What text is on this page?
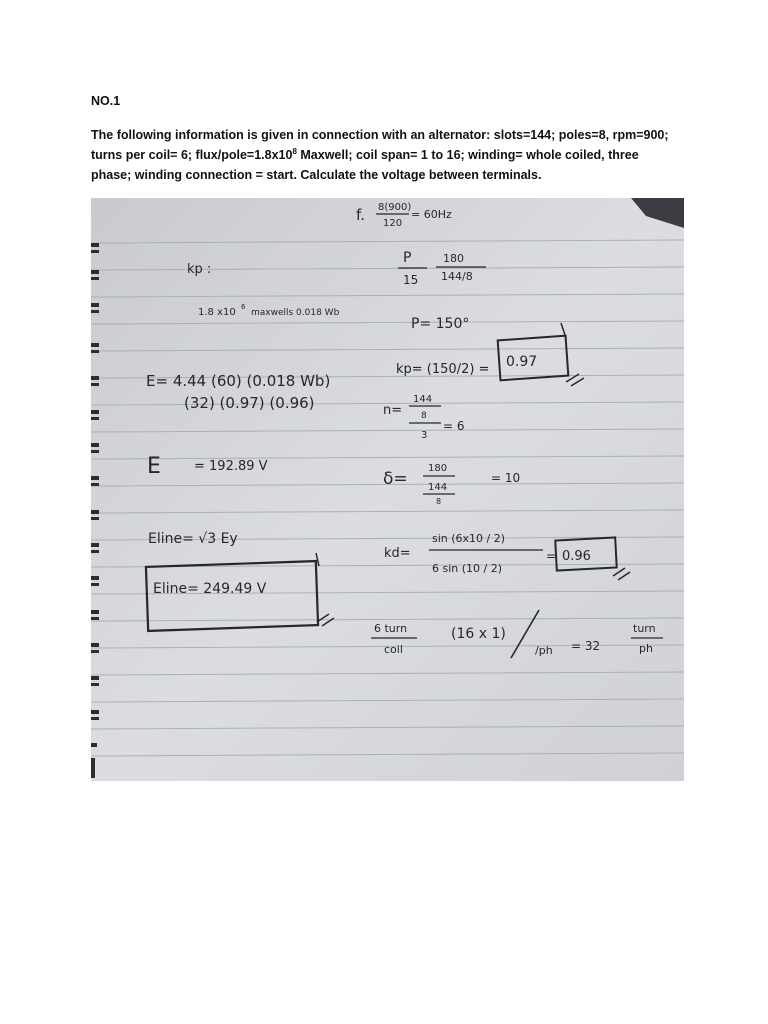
NO.1
The following information is given in connection with an alternator: slots=144; poles=8, rpm=900; turns per coil= 6; flux/$pole=1.8x10^8$ Maxwell; coil span= 1 to 16; winding= whole coiled, three phase; winding connection = start. Calculate the voltage between terminals.
f. 8(900)
120
= 60Hz
P
15
180
144/8
P= 150°
kp= (150/2) = 0.97
n=
144
8
3
= 6
δ=
180
144
8
= 10
kd=
sin (6x10 / 2)
6 sin (10 / 2)
= 0.96
6 turn
coil
(16 x 1)
/ph = 32
turn
ph
kp :
1.8 x10 6
maxwells 0.018 Wb
E= 4.44 (60) (0.018 Wb)
(32) (0.97) (0.96)
E	= 192.89 V
Eline= √3 Ey
Eline= 249.49 V
